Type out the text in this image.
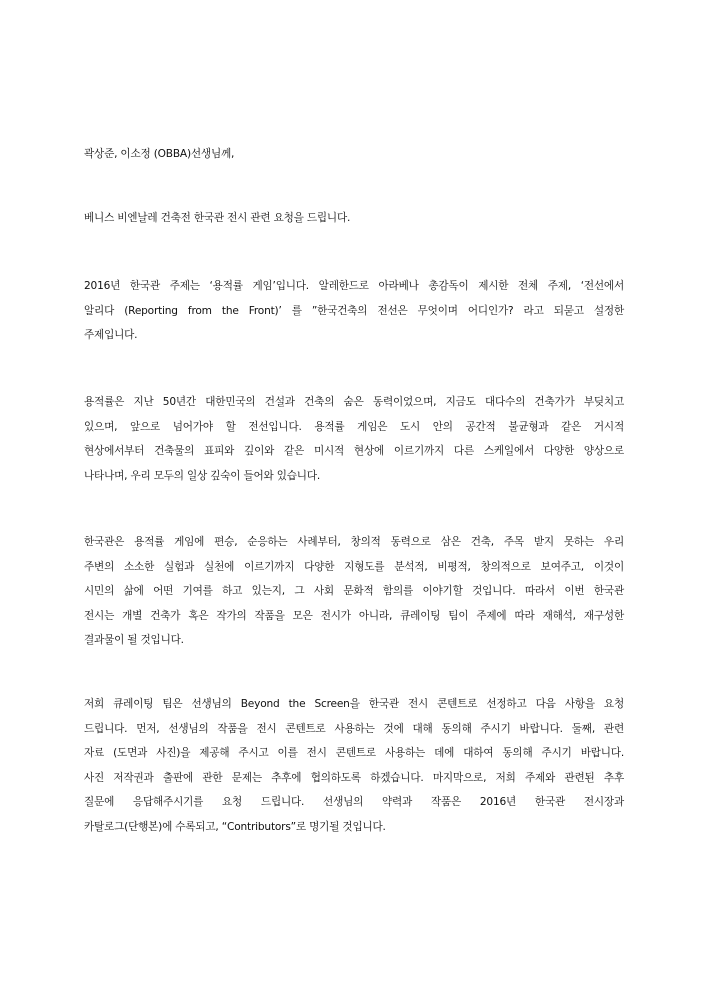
곽상준, 이소정 (OBBA)선생님께,

베니스 비엔날레 건축전 한국관 전시 관련 요청을 드립니다.

2016년 한국관 주제는 ‘용적률 게임’입니다. 알레한드로 아라베나 총감독이 제시한 전체 주제, ‘전선에서
알리다 (Reporting from the Front)’ 를 ”한국건축의 전선은 무엇이며 어디인가? 라고 되묻고 설정한
주제입니다.

용적률은 지난 50년간 대한민국의 건설과 건축의 숨은 동력이었으며, 지금도 대다수의 건축가가 부딪치고
있으며, 앞으로 넘어가야 할 전선입니다. 용적률 게임은 도시 안의 공간적 불균형과 같은 거시적
현상에서부터 건축물의 표피와 깊이와 같은 미시적 현상에 이르기까지 다른 스케일에서 다양한 양상으로
나타나며, 우리 모두의 일상 깊숙이 들어와 있습니다.

한국관은 용적률 게임에 편승, 순응하는 사례부터, 창의적 동력으로 삼은 건축, 주목 받지 못하는 우리
주변의 소소한 실험과 실천에 이르기까지 다양한 지형도를 분석적, 비평적, 창의적으로 보여주고, 이것이
시민의 삶에 어떤 기여를 하고 있는지, 그 사회 문화적 함의를 이야기할 것입니다. 따라서 이번 한국관
전시는 개별 건축가 혹은 작가의 작품을 모은 전시가 아니라, 큐레이팅 팀이 주제에 따라 재해석, 재구성한
결과물이 될 것입니다.

저희 큐레이팅 팀은 선생님의 Beyond the Screen을 한국관 전시 콘텐트로 선정하고 다음 사항을 요청
드립니다. 먼저, 선생님의 작품을 전시 콘텐트로 사용하는 것에 대해 동의해 주시기 바랍니다. 둘째, 관련
자료 (도면과 사진)을 제공해 주시고 이를 전시 콘텐트로 사용하는 데에 대하여 동의해 주시기 바랍니다.
사진 저작권과 출판에 관한 문제는 추후에 협의하도록 하겠습니다. 마지막으로, 저희 주제와 관련된 추후
질문에 응답해주시기를 요청 드립니다. 선생님의 약력과 작품은 2016년 한국관 전시장과
카탈로그(단행본)에 수록되고, “Contributors”로 명기될 것입니다.
